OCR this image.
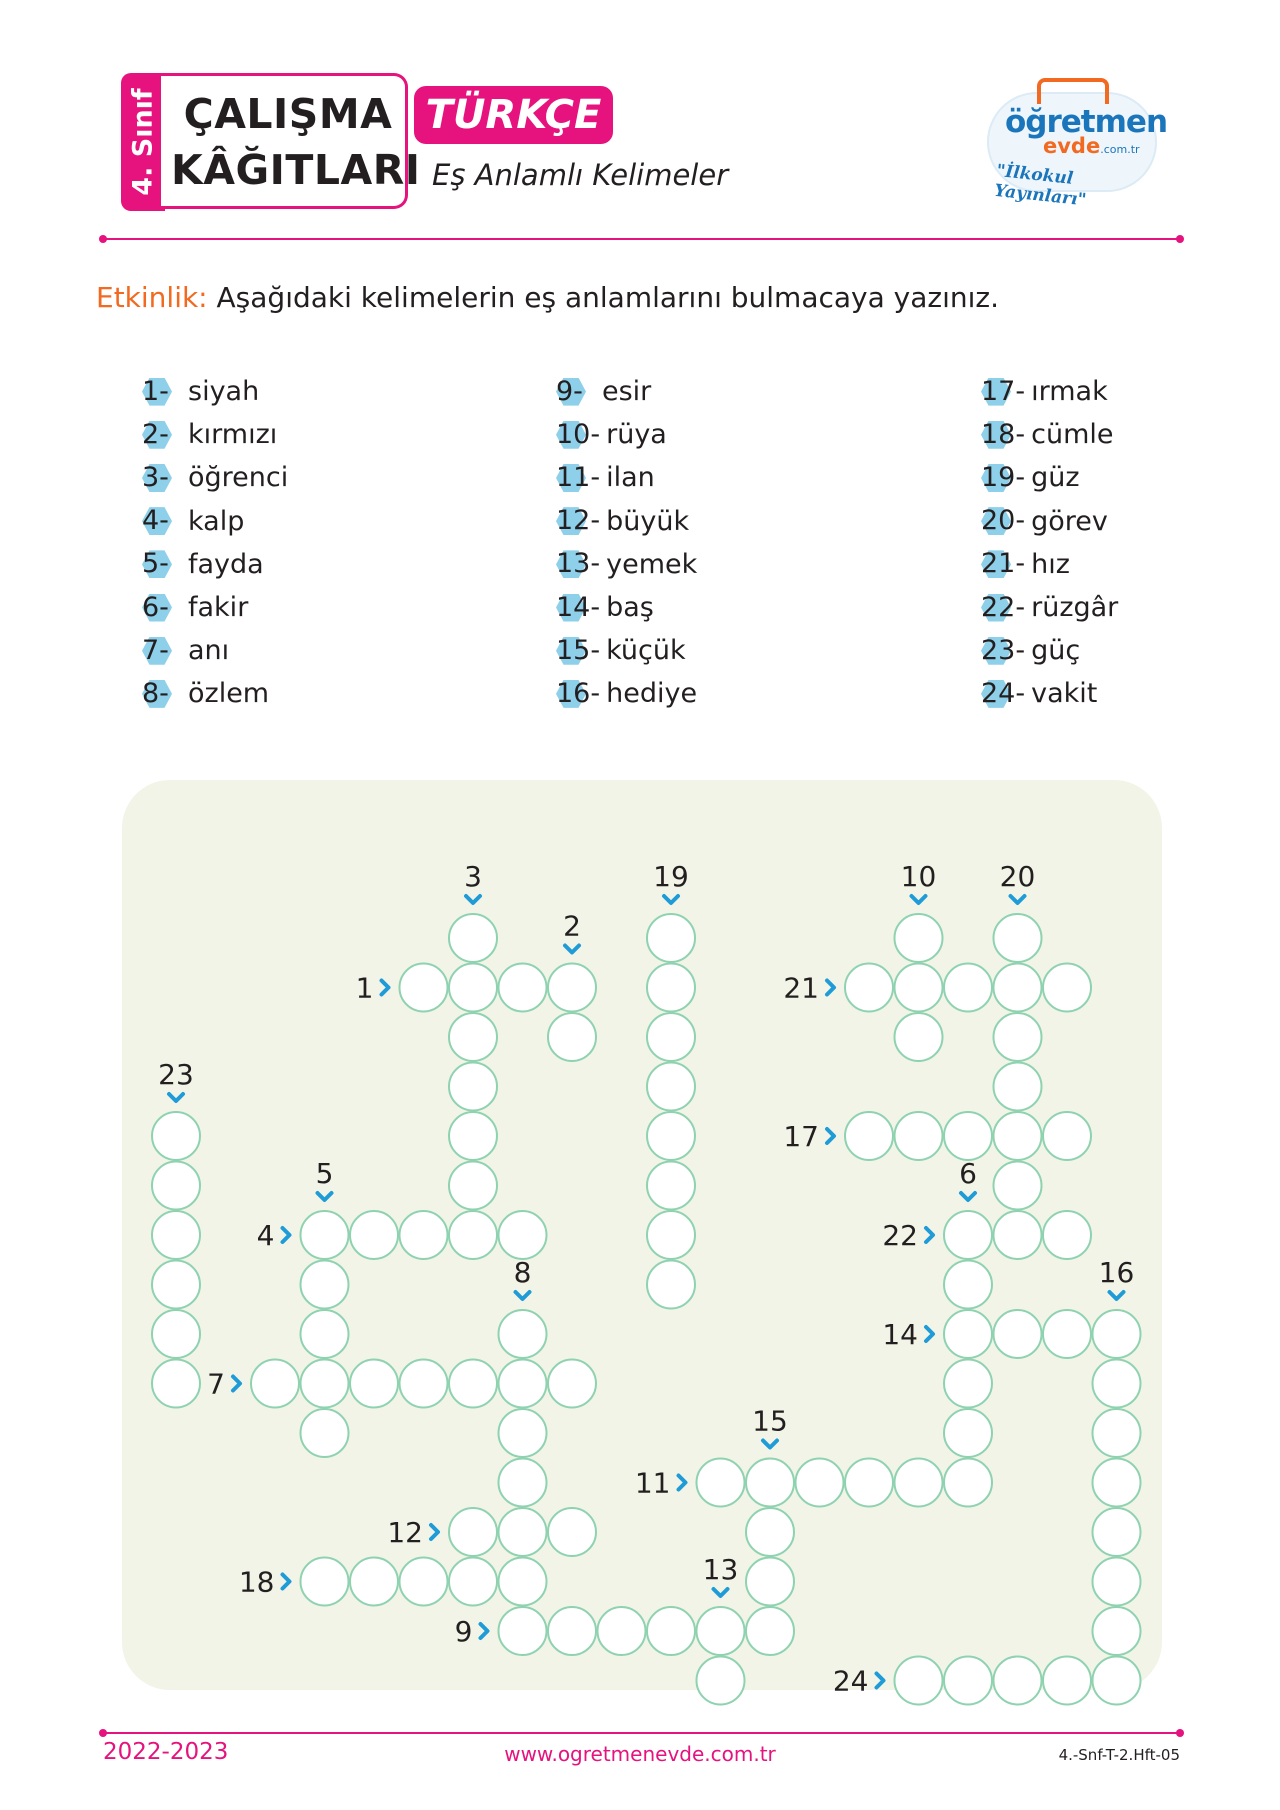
4. Sınıf ÇALIŞMA
KÂĞITLARI
TÜRKÇE
Eş Anlamlı Kelimeler
öğretmen
evde.com.tr
"İlkokul Yayınları"
Etkinlik: Aşağıdaki kelimelerin eş anlamlarını bulmacaya yazınız.
1- siyah
2- kırmızı
3- öğrenci
4- kalp
5- fayda
6- fakir
7- anı
8- özlem
9- esir
10- rüya
11- ilan
12- büyük
13- yemek
14- baş
15- küçük
16- hediye
17- ırmak
18- cümle
19- güz
20- görev
21- hız
22- rüzgâr
23- güç
24- vakit
1
4
7
9
11
12
14
17
18
21
22
24
2
3
5	6
8
10
13
15
16
19	20
23
2022-2023	www.ogretmenevde.com.tr	4.-Snf-T-2.Hft-05
